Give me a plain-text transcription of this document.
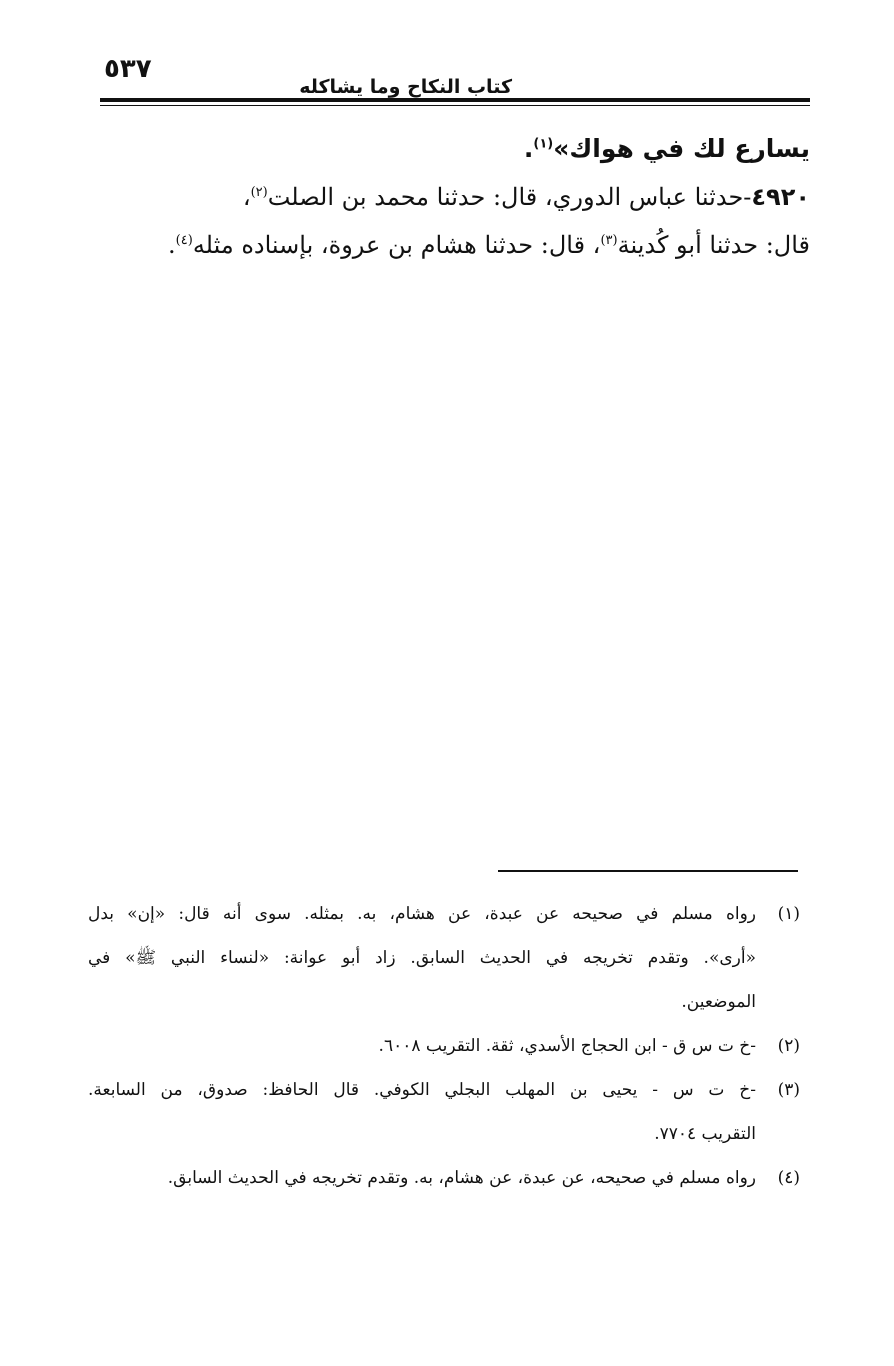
٥٣٧
كتاب النكاح وما يشاكله
يسارع لك في هواك»$^{(١)}$.
٤٩٢٠-حدثنا عباس الدوري، قال: حدثنا محمد بن الصلت$^{(٢)}$،
قال: حدثنا أبو كُدينة$^{(٣)}$، قال: حدثنا هشام بن عروة، بإسناده مثله$^{(٤)}$.
(١)
رواه مسلم في صحيحه عن عبدة، عن هشام، به. بمثله. سوى أنه قال: «إن» بدل
«أرى». وتقدم تخريجه في الحديث السابق. زاد أبو عوانة: «لنساء النبي ﷺ» في
الموضعين.
(٢)
-خ ت س ق - ابن الحجاج الأسدي، ثقة. التقريب ٦٠٠٨.
(٣)
-خ ت س - يحيى بن المهلب البجلي الكوفي. قال الحافظ: صدوق، من السابعة.
التقريب ٧٧٠٤.
(٤)
رواه مسلم في صحيحه، عن عبدة، عن هشام، به. وتقدم تخريجه في الحديث السابق.
